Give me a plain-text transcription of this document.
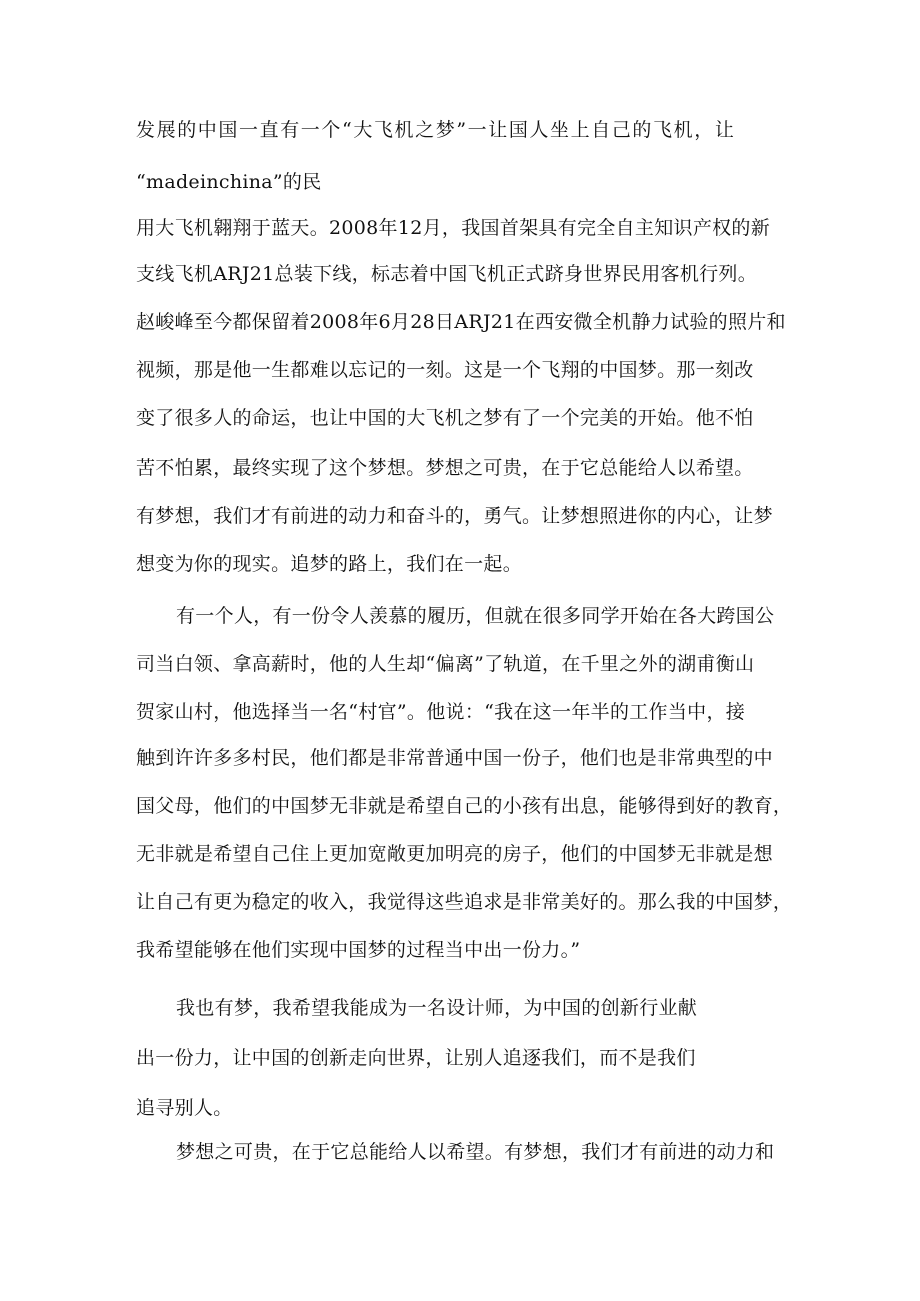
发展的中国一直有一个“大飞机之梦”一让国人坐上自己的飞机，让
“madeinchina”的民
用大飞机翱翔于蓝天。2008年12月，我国首架具有完全自主知识产权的新
支线飞机ARJ21总装下线，标志着中国飞机正式跻身世界民用客机行列。
赵峻峰至今都保留着2008年6月28日ARJ21在西安微全机静力试验的照片和
视频，那是他一生都难以忘记的一刻。这是一个飞翔的中国梦。那一刻改
变了很多人的命运，也让中国的大飞机之梦有了一个完美的开始。他不怕
苦不怕累，最终实现了这个梦想。梦想之可贵，在于它总能给人以希望。
有梦想，我们才有前进的动力和奋斗的，勇气。让梦想照进你的内心，让梦
想变为你的现实。追梦的路上，我们在一起。
有一个人，有一份令人羡慕的履历，但就在很多同学开始在各大跨国公
司当白领、拿高薪时，他的人生却“偏离”了轨道，在千里之外的湖甫衡山
贺家山村，他选择当一名“村官”。他说：“我在这一年半的工作当中，接
触到许许多多村民，他们都是非常普通中国一份子，他们也是非常典型的中
国父母，他们的中国梦无非就是希望自己的小孩有出息，能够得到好的教育，
无非就是希望自己住上更加宽敞更加明亮的房子，他们的中国梦无非就是想
让自己有更为稳定的收入，我觉得这些追求是非常美好的。那么我的中国梦，
我希望能够在他们实现中国梦的过程当中出一份力。”
我也有梦，我希望我能成为一名设计师，为中国的创新行业献
出一份力，让中国的创新走向世界，让别人追逐我们，而不是我们
追寻别人。
梦想之可贵，在于它总能给人以希望。有梦想，我们才有前进的动力和
